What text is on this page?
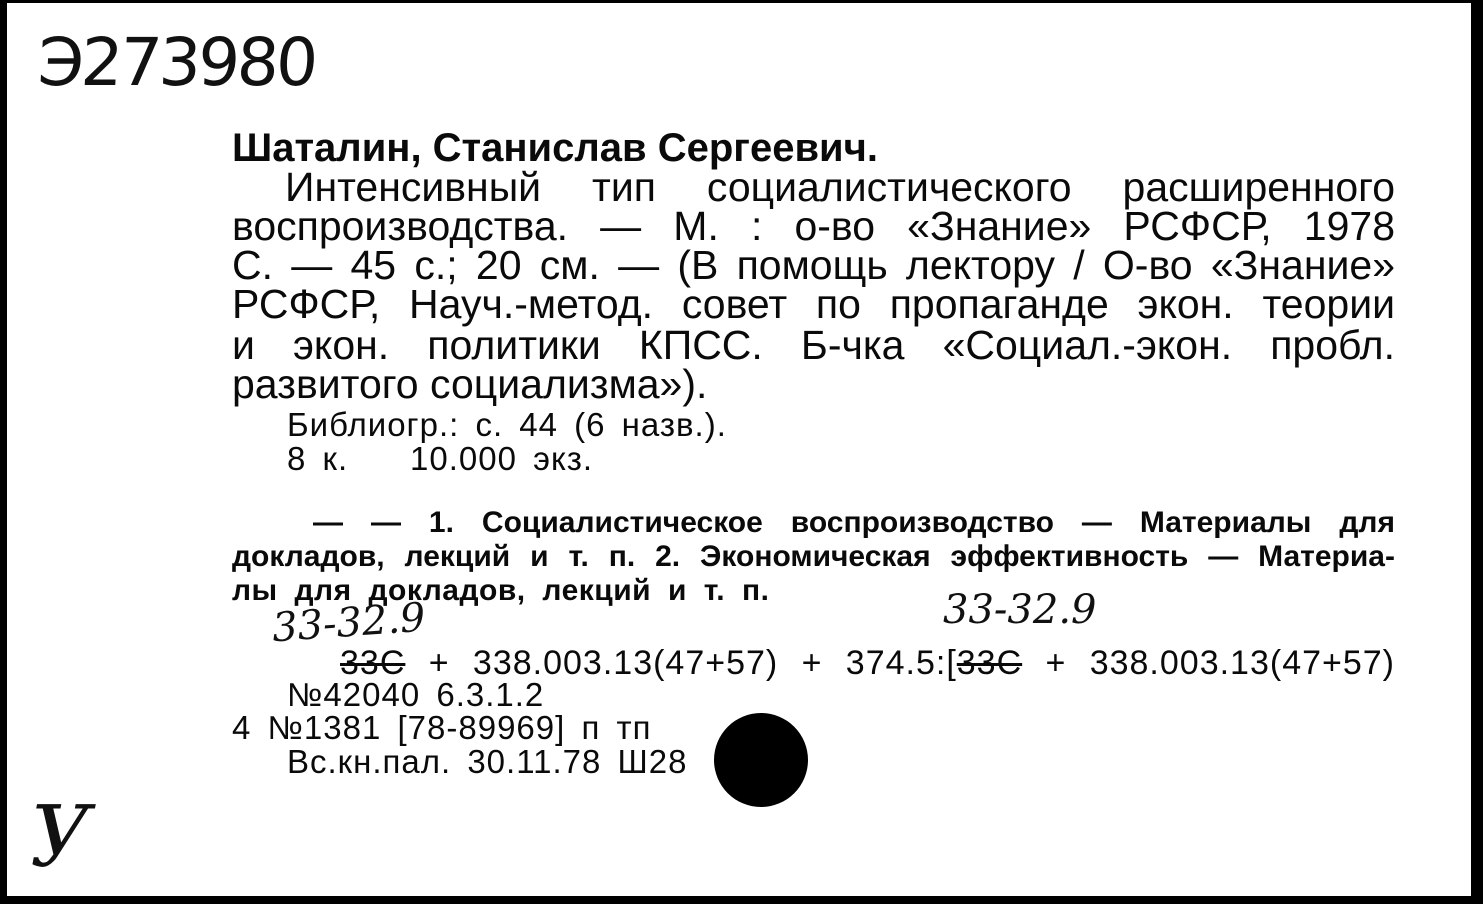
Э273980
Шаталин, Станислав Сергеевич.
Интенсивный тип социалистического расширенного
воспроизводства. — М. : о-во «Знание» РСФСР, 1978
С. — 45 с.; 20 см. — (В помощь лектору / О-во «Знание»
РСФСР, Науч.-метод. совет по пропаганде экон. теории
и экон. политики КПСС. Б-чка «Социал.-экон. пробл.
развитого социализма»).
Библиогр.: с. 44 (6 назв.).
8 к. 10.000 экз.
— — 1. Социалистическое воспроизводство — Материалы для
докладов, лекций и т. п. 2. Экономическая эффективность — Материа-
лы для докладов, лекций и т. п.
33-32.9	33-32.9
33С + 338.003.13(47+57) + 374.5:[33С + 338.003.13(47+57)
№42040 6.3.1.2
4 №1381 [78-89969] п тп
Вс.кн.пал. 30.11.78 Ш28
У
